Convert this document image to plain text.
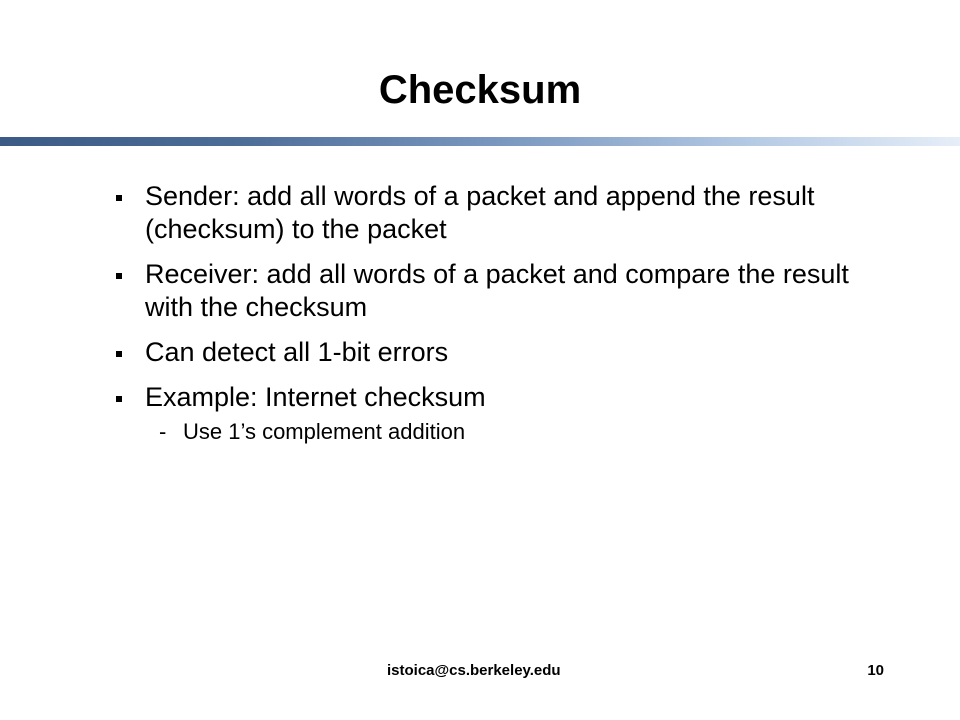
Checksum
Sender: add all words of a packet and append the result (checksum) to the packet
Receiver: add all words of a packet and compare the result with the checksum
Can detect all 1-bit errors
Example: Internet checksum
- Use 1’s complement addition
istoica@cs.berkeley.edu	10
